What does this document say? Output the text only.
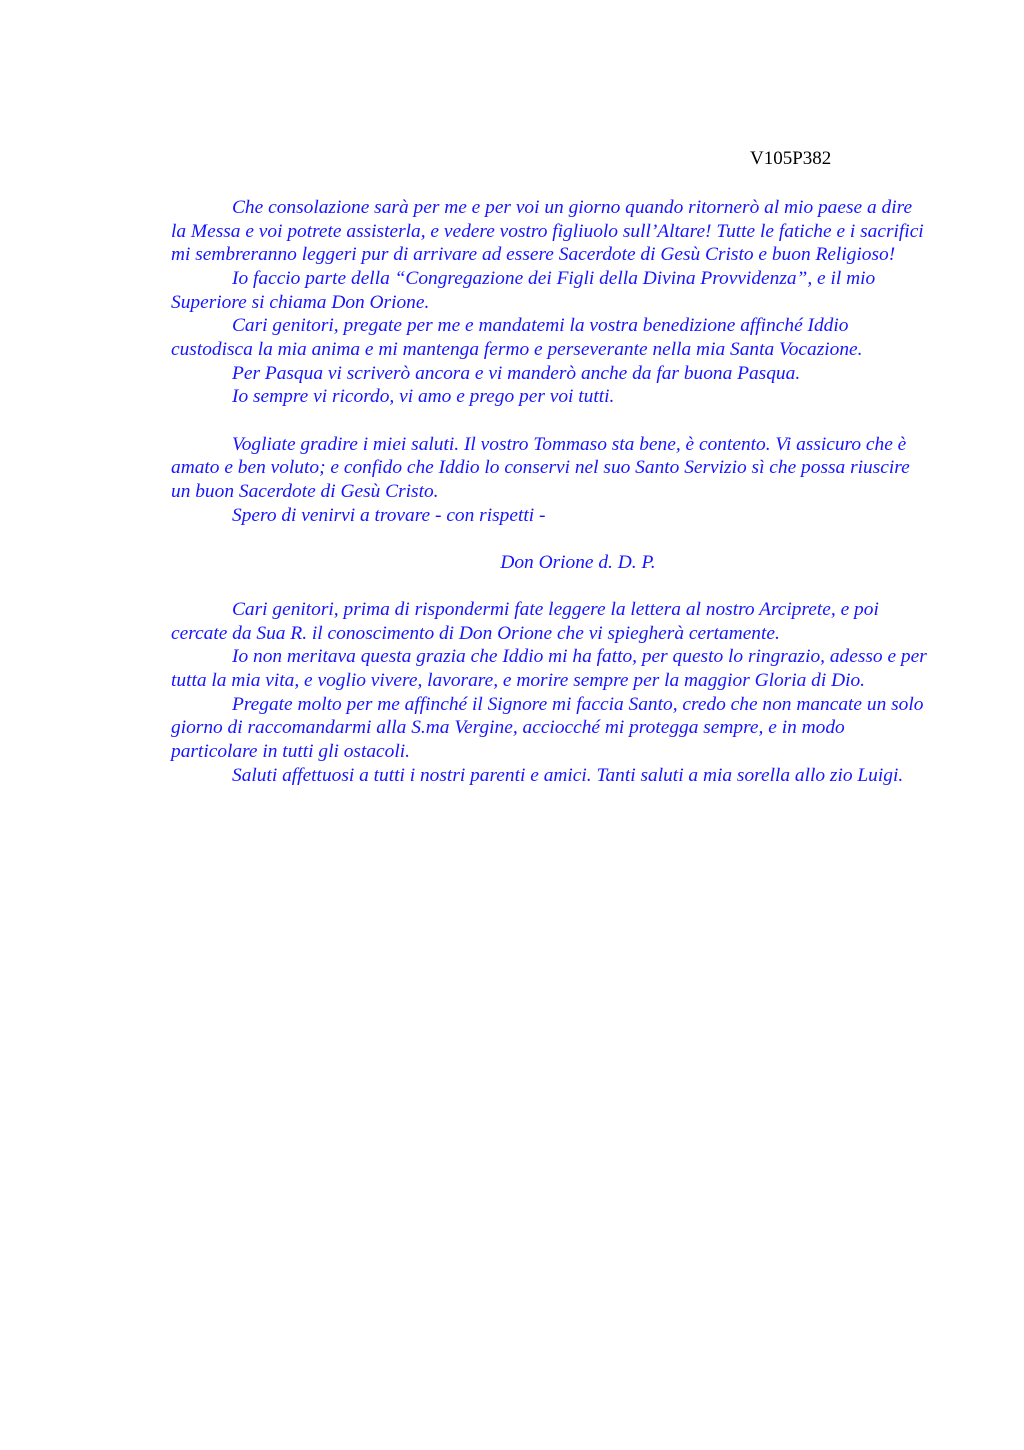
V105P382

Che consolazione sarà per me e per voi un giorno quando ritornerò al mio paese a dire la Messa e voi potrete assisterla, e vedere vostro figliuolo sull’Altare! Tutte le fatiche e i sacrifici mi sembreranno leggeri pur di arrivare ad essere Sacerdote di Gesù Cristo e buon Religioso!

Io faccio parte della “Congregazione dei Figli della Divina Provvidenza”, e il mio Superiore si chiama Don Orione.

Cari genitori, pregate per me e mandatemi la vostra benedizione affinché Iddio custodisca la mia anima e mi mantenga fermo e perseverante nella mia Santa Vocazione.

Per Pasqua vi scriverò ancora e vi manderò anche da far buona Pasqua.

Io sempre vi ricordo, vi amo e prego per voi tutti.

Vogliate gradire i miei saluti. Il vostro Tommaso sta bene, è contento. Vi assicuro che è amato e ben voluto; e confido che Iddio lo conservi nel suo Santo Servizio sì che possa riuscire un buon Sacerdote di Gesù Cristo.

Spero di venirvi a trovare - con rispetti -

Don Orione d. D. P.

Cari genitori, prima di rispondermi fate leggere la lettera al nostro Arciprete, e poi cercate da Sua R. il conoscimento di Don Orione che vi spiegherà certamente.

Io non meritava questa grazia che Iddio mi ha fatto, per questo lo ringrazio, adesso e per tutta la mia vita, e voglio vivere, lavorare, e morire sempre per la maggior Gloria di Dio.

Pregate molto per me affinché il Signore mi faccia Santo, credo che non mancate un solo giorno di raccomandarmi alla S.ma Vergine, acciocché mi protegga sempre, e in modo particolare in tutti gli ostacoli.

Saluti affettuosi a tutti i nostri parenti e amici. Tanti saluti a mia sorella allo zio Luigi.
